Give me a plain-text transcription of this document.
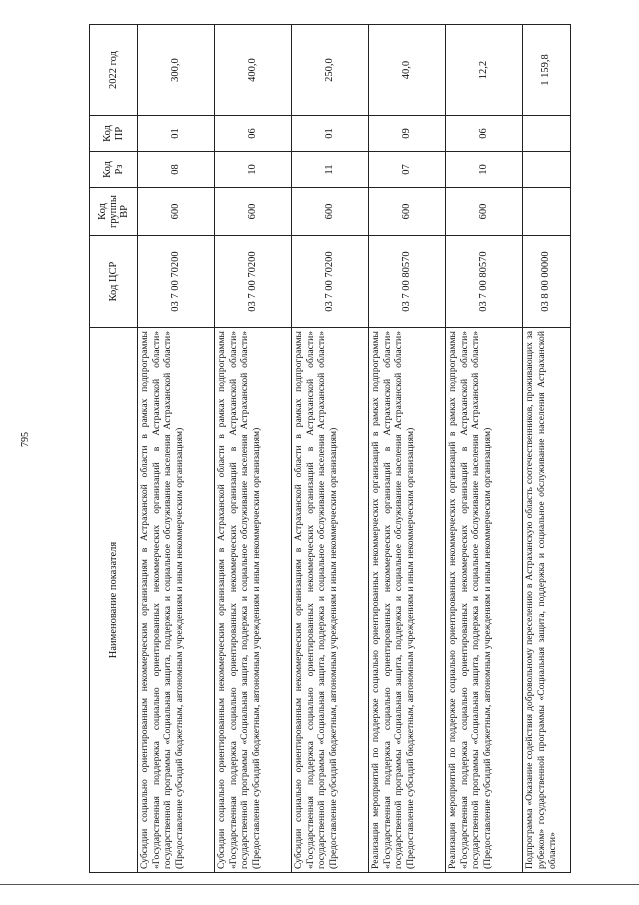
795
Наименование показателя	Код ЦСР	Код группы ВР	Код Рз	Код ПР	2022 год
Субсидии социально ориентированным некоммерческим организациям в Астраханской области в рамках подпрограммы «Государственная поддержка социально ориентированных некоммерческих организаций в Астраханской области» государственной программы «Социальная защита, поддержка и социальное обслуживание населения Астраханской области» (Предоставление субсидий бюджетным, автономным учреждениям и иным некоммерческим организациям)	03 7 00 70200	600	08	01	300,0
Субсидии социально ориентированным некоммерческим организациям в Астраханской области в рамках подпрограммы «Государственная поддержка социально ориентированных некоммерческих организаций в Астраханской области» государственной программы «Социальная защита, поддержка и социальное обслуживание населения Астраханской области» (Предоставление субсидий бюджетным, автономным учреждениям и иным некоммерческим организациям)	03 7 00 70200	600	10	06	400,0
Субсидии социально ориентированным некоммерческим организациям в Астраханской области в рамках подпрограммы «Государственная поддержка социально ориентированных некоммерческих организаций в Астраханской области» государственной программы «Социальная защита, поддержка и социальное обслуживание населения Астраханской области» (Предоставление субсидий бюджетным, автономным учреждениям и иным некоммерческим организациям)	03 7 00 70200	600	11	01	250,0
Реализация мероприятий по поддержке социально ориентированных некоммерческих организаций в рамках подпрограммы «Государственная поддержка социально ориентированных некоммерческих организаций в Астраханской области» государственной программы «Социальная защита, поддержка и социальное обслуживание населения Астраханской области» (Предоставление субсидий бюджетным, автономным учреждениям и иным некоммерческим организациям)	03 7 00 80570	600	07	09	40,0
Реализация мероприятий по поддержке социально ориентированных некоммерческих организаций в рамках подпрограммы «Государственная поддержка социально ориентированных некоммерческих организаций в Астраханской области» государственной программы «Социальная защита, поддержка и социальное обслуживание населения Астраханской области» (Предоставление субсидий бюджетным, автономным учреждениям и иным некоммерческим организациям)	03 7 00 80570	600	10	06	12,2
Подпрограмма «Оказание содействия добровольному переселению в Астраханскую область соотечественников, проживающих за рубежом» государственной программы «Социальная защита, поддержка и социальное обслуживание населения Астраханской области»	03 8 00 00000				1 159,8
